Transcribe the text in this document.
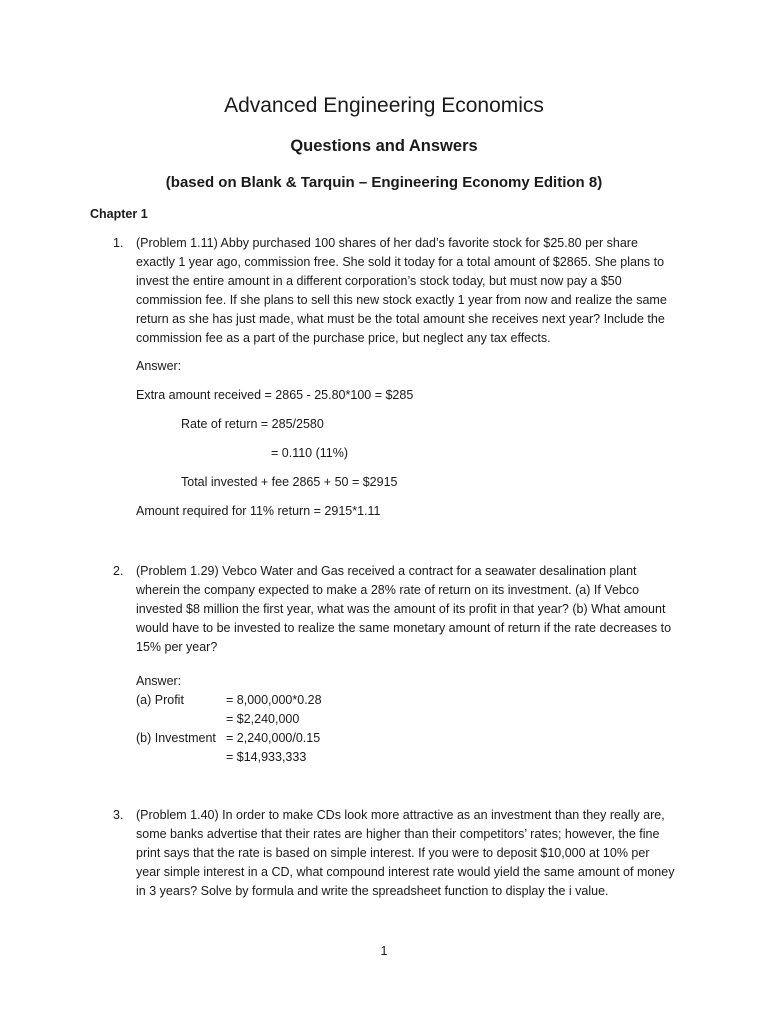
Advanced Engineering Economics
Questions and Answers
(based on Blank & Tarquin – Engineering Economy Edition 8)
Chapter 1
1. (Problem 1.11) Abby purchased 100 shares of her dad’s favorite stock for $25.80 per share exactly 1 year ago, commission free. She sold it today for a total amount of $2865. She plans to invest the entire amount in a different corporation’s stock today, but must now pay a $50 commission fee. If she plans to sell this new stock exactly 1 year from now and realize the same return as she has just made, what must be the total amount she receives next year? Include the commission fee as a part of the purchase price, but neglect any tax effects.
Answer:
Extra amount received = 2865 - 25.80*100 = $285
Rate of return = 285/2580
= 0.110 (11%)
Total invested + fee 2865 + 50 = $2915
Amount required for 11% return = 2915*1.11
2. (Problem 1.29) Vebco Water and Gas received a contract for a seawater desalination plant wherein the company expected to make a 28% rate of return on its investment. (a) If Vebco invested $8 million the first year, what was the amount of its profit in that year? (b) What amount would have to be invested to realize the same monetary amount of return if the rate decreases to 15% per year?
Answer:
(a) Profit	= 8,000,000*0.28
= $2,240,000
(b) Investment = 2,240,000/0.15
= $14,933,333
3. (Problem 1.40) In order to make CDs look more attractive as an investment than they really are, some banks advertise that their rates are higher than their competitors’ rates; however, the fine print says that the rate is based on simple interest. If you were to deposit $10,000 at 10% per year simple interest in a CD, what compound interest rate would yield the same amount of money in 3 years? Solve by formula and write the spreadsheet function to display the i value.
1
